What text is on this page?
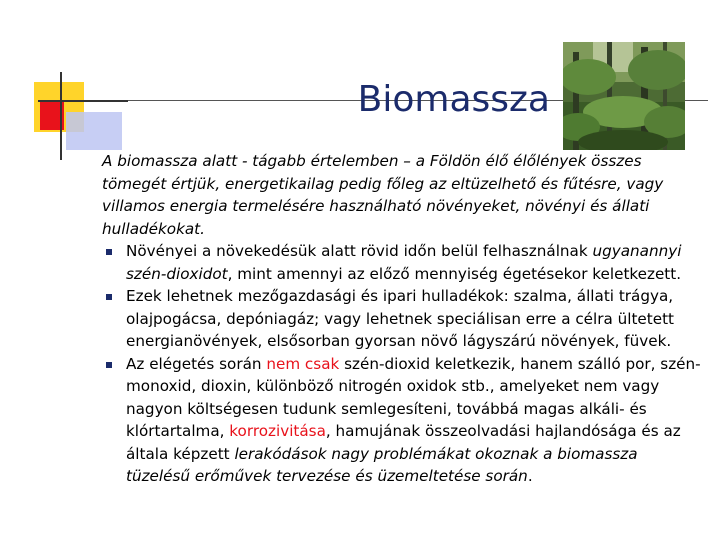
Biomassza

A biomassza alatt - tágabb értelemben – a Földön élő élőlények összes tömegét értjük, energetikailag pedig főleg az eltüzelhető és fűtésre, vagy villamos energia termelésére használható növényeket, növényi és állati hulladékokat.

Növényei a növekedésük alatt rövid időn belül felhasználnak ugyanannyi szén-dioxidot, mint amennyi az előző mennyiség égetésekor keletkezett.

Ezek lehetnek mezőgazdasági és ipari hulladékok: szalma, állati trágya, olajpogácsa, depóniagáz; vagy lehetnek speciálisan erre a célra ültetett energianövények, elsősorban gyorsan növő lágyszárú növények, füvek.

Az elégetés során nem csak szén-dioxid keletkezik, hanem szálló por, szén-monoxid, dioxin, különböző nitrogén oxidok stb., amelyeket nem vagy nagyon költségesen tudunk semlegesíteni, továbbá magas alkáli- és klórtartalma, korrozivitása, hamujának összeolvadási hajlandósága és az általa képzett lerakódások nagy problémákat okoznak a biomassza tüzelésű erőművek tervezése és üzemeltetése során.
